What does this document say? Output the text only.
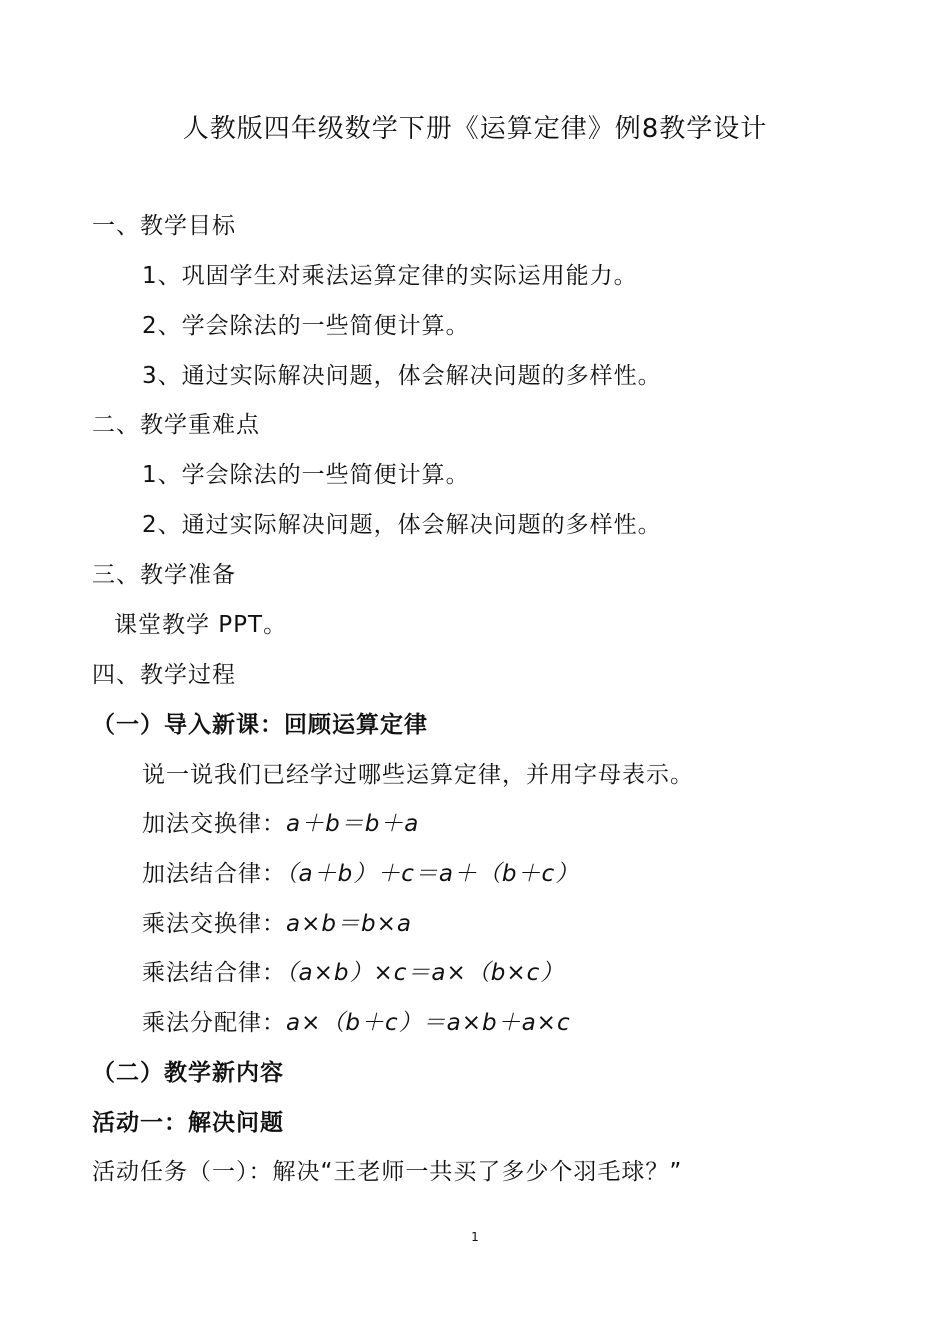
人教版四年级数学下册《运算定律》例8教学设计
一、教学目标
1、巩固学生对乘法运算定律的实际运用能力。
2、学会除法的一些简便计算。
3、通过实际解决问题，体会解决问题的多样性。
二、教学重难点
1、学会除法的一些简便计算。
2、通过实际解决问题，体会解决问题的多样性。
三、教学准备
课堂教学 PPT。
四、教学过程
（一）导入新课：回顾运算定律
说一说我们已经学过哪些运算定律，并用字母表示。
加法交换律：a＋b＝b＋a
加法结合律：（a＋b）＋c＝a＋（b＋c）
乘法交换律：a×b＝b×a
乘法结合律：（a×b）×c＝a×（b×c）
乘法分配律：a×（b＋c）＝a×b＋a×c
（二）教学新内容
活动一：解决问题
活动任务（一）：解决“王老师一共买了多少个羽毛球？”
1
